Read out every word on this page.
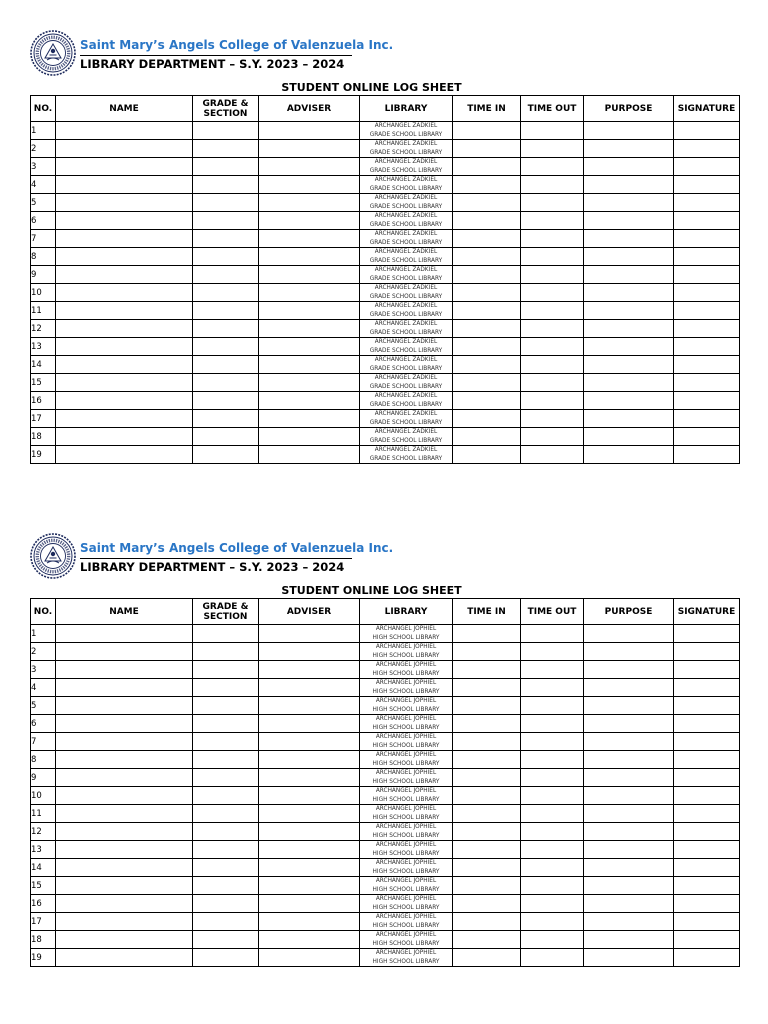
Saint Mary’s Angels College of Valenzuela Inc.
LIBRARY DEPARTMENT – S.Y. 2023 – 2024
STUDENT ONLINE LOG SHEET
NO.	NAME	GRADE & SECTION	ADVISER	LIBRARY	TIME IN	TIME OUT	PURPOSE	SIGNATURE
1				ARCHANGEL ZADKIEL
GRADE SCHOOL LIBRARY				

2				ARCHANGEL ZADKIEL
GRADE SCHOOL LIBRARY				

3				ARCHANGEL ZADKIEL
GRADE SCHOOL LIBRARY				

4				ARCHANGEL ZADKIEL
GRADE SCHOOL LIBRARY				

5				ARCHANGEL ZADKIEL
GRADE SCHOOL LIBRARY				

6				ARCHANGEL ZADKIEL
GRADE SCHOOL LIBRARY				

7				ARCHANGEL ZADKIEL
GRADE SCHOOL LIBRARY				

8				ARCHANGEL ZADKIEL
GRADE SCHOOL LIBRARY				

9				ARCHANGEL ZADKIEL
GRADE SCHOOL LIBRARY				

10				ARCHANGEL ZADKIEL
GRADE SCHOOL LIBRARY				

11				ARCHANGEL ZADKIEL
GRADE SCHOOL LIBRARY				

12				ARCHANGEL ZADKIEL
GRADE SCHOOL LIBRARY				

13				ARCHANGEL ZADKIEL
GRADE SCHOOL LIBRARY				

14				ARCHANGEL ZADKIEL
GRADE SCHOOL LIBRARY				

15				ARCHANGEL ZADKIEL
GRADE SCHOOL LIBRARY				

16				ARCHANGEL ZADKIEL
GRADE SCHOOL LIBRARY				

17				ARCHANGEL ZADKIEL
GRADE SCHOOL LIBRARY				

18				ARCHANGEL ZADKIEL
GRADE SCHOOL LIBRARY				

19				ARCHANGEL ZADKIEL
GRADE SCHOOL LIBRARY				

Saint Mary’s Angels College of Valenzuela Inc.
LIBRARY DEPARTMENT – S.Y. 2023 – 2024
STUDENT ONLINE LOG SHEET
NO.	NAME	GRADE & SECTION	ADVISER	LIBRARY	TIME IN	TIME OUT	PURPOSE	SIGNATURE
1				ARCHANGEL JOPHIEL
HIGH SCHOOL LIBRARY				

2				ARCHANGEL JOPHIEL
HIGH SCHOOL LIBRARY				

3				ARCHANGEL JOPHIEL
HIGH SCHOOL LIBRARY				

4				ARCHANGEL JOPHIEL
HIGH SCHOOL LIBRARY				

5				ARCHANGEL JOPHIEL
HIGH SCHOOL LIBRARY				

6				ARCHANGEL JOPHIEL
HIGH SCHOOL LIBRARY				

7				ARCHANGEL JOPHIEL
HIGH SCHOOL LIBRARY				

8				ARCHANGEL JOPHIEL
HIGH SCHOOL LIBRARY				

9				ARCHANGEL JOPHIEL
HIGH SCHOOL LIBRARY				

10				ARCHANGEL JOPHIEL
HIGH SCHOOL LIBRARY				

11				ARCHANGEL JOPHIEL
HIGH SCHOOL LIBRARY				

12				ARCHANGEL JOPHIEL
HIGH SCHOOL LIBRARY				

13				ARCHANGEL JOPHIEL
HIGH SCHOOL LIBRARY				

14				ARCHANGEL JOPHIEL
HIGH SCHOOL LIBRARY				

15				ARCHANGEL JOPHIEL
HIGH SCHOOL LIBRARY				

16				ARCHANGEL JOPHIEL
HIGH SCHOOL LIBRARY				

17				ARCHANGEL JOPHIEL
HIGH SCHOOL LIBRARY				

18				ARCHANGEL JOPHIEL
HIGH SCHOOL LIBRARY				

19				ARCHANGEL JOPHIEL
HIGH SCHOOL LIBRARY				
